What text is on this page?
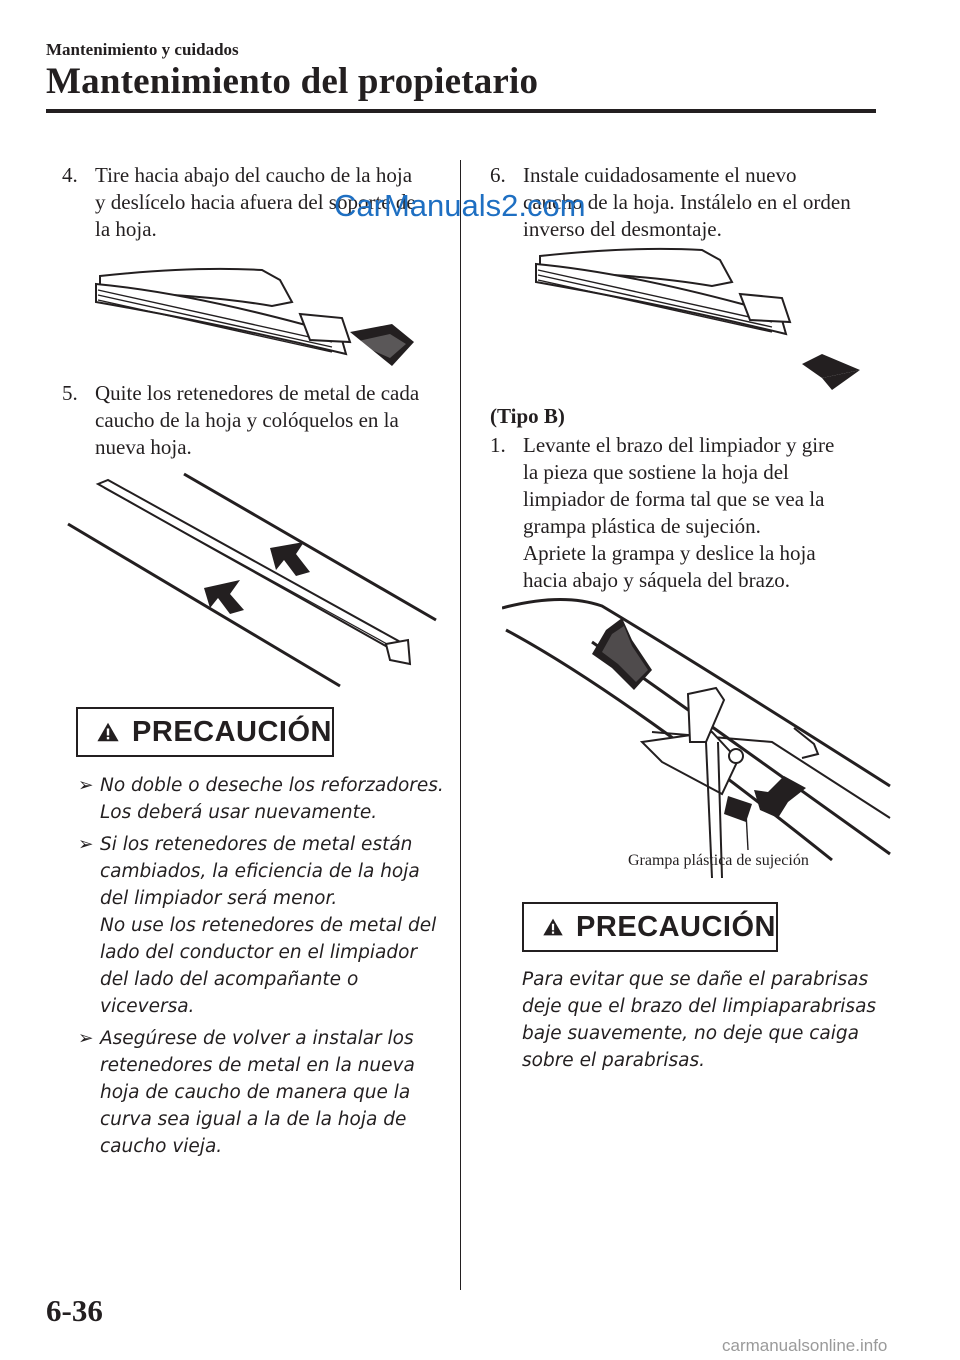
Mantenimiento y cuidados
Mantenimiento del propietario
4. Tire hacia abajo del caucho de la hoja
y deslícelo hacia afuera del soporte de
la hoja.
5. Quite los retenedores de metal de cada
caucho de la hoja y colóquelos en la
nueva hoja.
PRECAUCIÓN
➢ No doble o deseche los reforzadores.
Los deberá usar nuevamente.
➢ Si los retenedores de metal están
cambiados, la eficiencia de la hoja
del limpiador será menor.
No use los retenedores de metal del
lado del conductor en el limpiador
del lado del acompañante o
viceversa.
➢ Asegúrese de volver a instalar los
retenedores de metal en la nueva
hoja de caucho de manera que la
curva sea igual a la de la hoja de
caucho vieja.
6. Instale cuidadosamente el nuevo
caucho de la hoja. Instálelo en el orden
inverso del desmontaje.
(Tipo B)
1. Levante el brazo del limpiador y gire
la pieza que sostiene la hoja del
limpiador de forma tal que se vea la
grampa plástica de sujeción.
Apriete la grampa y deslice la hoja
hacia abajo y sáquela del brazo.
Grampa plástica de sujeción
PRECAUCIÓN
Para evitar que se dañe el parabrisas
deje que el brazo del limpiaparabrisas
baje suavemente, no deje que caiga
sobre el parabrisas.
6-36
CarManuals2.com
carmanualsonline.info
